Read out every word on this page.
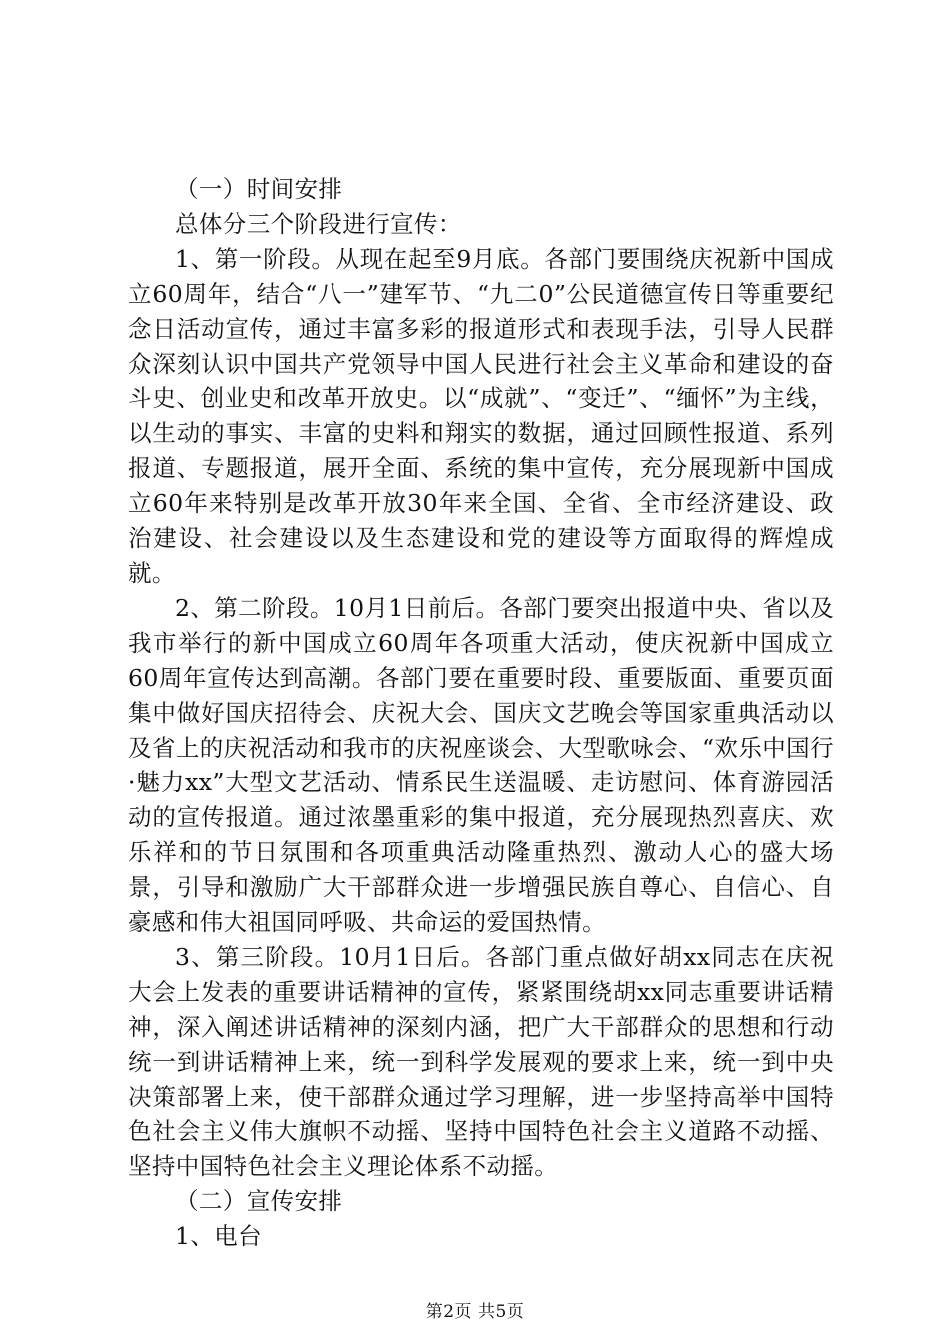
（一）时间安排

总体分三个阶段进行宣传：

1、第一阶段。从现在起至9月底。各部门要围绕庆祝新中国成立60周年，结合“八一”建军节、“九二0”公民道德宣传日等重要纪念日活动宣传，通过丰富多彩的报道形式和表现手法，引导人民群众深刻认识中国共产党领导中国人民进行社会主义革命和建设的奋斗史、创业史和改革开放史。以“成就”、“变迁”、“缅怀”为主线，以生动的事实、丰富的史料和翔实的数据，通过回顾性报道、系列报道、专题报道，展开全面、系统的集中宣传，充分展现新中国成立60年来特别是改革开放30年来全国、全省、全市经济建设、政治建设、社会建设以及生态建设和党的建设等方面取得的辉煌成就。

2、第二阶段。10月1日前后。各部门要突出报道中央、省以及我市举行的新中国成立60周年各项重大活动，使庆祝新中国成立60周年宣传达到高潮。各部门要在重要时段、重要版面、重要页面集中做好国庆招待会、庆祝大会、国庆文艺晚会等国家重典活动以及省上的庆祝活动和我市的庆祝座谈会、大型歌咏会、“欢乐中国行·魅力xx”大型文艺活动、情系民生送温暖、走访慰问、体育游园活动的宣传报道。通过浓墨重彩的集中报道，充分展现热烈喜庆、欢乐祥和的节日氛围和各项重典活动隆重热烈、激动人心的盛大场景，引导和激励广大干部群众进一步增强民族自尊心、自信心、自豪感和伟大祖国同呼吸、共命运的爱国热情。

3、第三阶段。10月1日后。各部门重点做好胡xx同志在庆祝大会上发表的重要讲话精神的宣传，紧紧围绕胡xx同志重要讲话精神，深入阐述讲话精神的深刻内涵，把广大干部群众的思想和行动统一到讲话精神上来，统一到科学发展观的要求上来，统一到中央决策部署上来，使干部群众通过学习理解，进一步坚持高举中国特色社会主义伟大旗帜不动摇、坚持中国特色社会主义道路不动摇、坚持中国特色社会主义理论体系不动摇。

（二）宣传安排

1、电台

第2页 共5页
